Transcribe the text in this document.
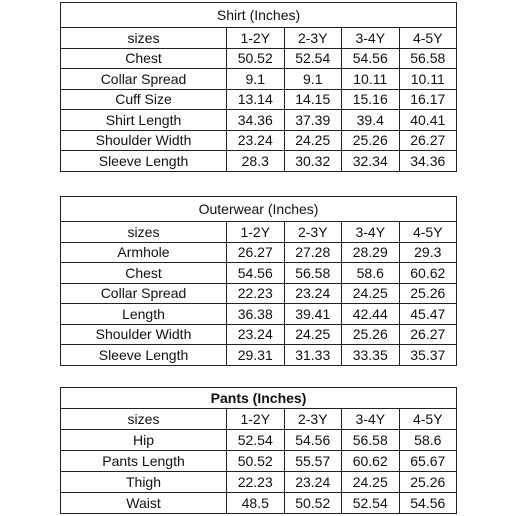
Shirt (Inches)				
sizes	1-2Y	2-3Y	3-4Y	4-5Y
Chest	50.52	52.54	54.56	56.58
Collar Spread	9.1	9.1	10.11	10.11
Cuff Size	13.14	14.15	15.16	16.17
Shirt Length	34.36	37.39	39.4	40.41
Shoulder Width	23.24	24.25	25.26	26.27
Sleeve Length	28.3	30.32	32.34	34.36
Outerwear (Inches)				
sizes	1-2Y	2-3Y	3-4Y	4-5Y
Armhole	26.27	27.28	28.29	29.3
Chest	54.56	56.58	58.6	60.62
Collar Spread	22.23	23.24	24.25	25.26
Length	36.38	39.41	42.44	45.47
Shoulder Width	23.24	24.25	25.26	26.27
Sleeve Length	29.31	31.33	33.35	35.37
Pants (Inches)				
sizes	1-2Y	2-3Y	3-4Y	4-5Y
Hip	52.54	54.56	56.58	58.6
Pants Length	50.52	55.57	60.62	65.67
Thigh	22.23	23.24	24.25	25.26
Waist	48.5	50.52	52.54	54.56
